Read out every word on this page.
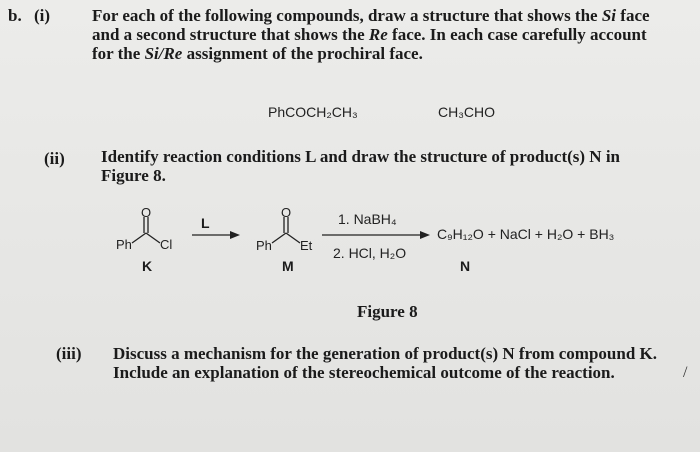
b. (i) For each of the following compounds, draw a structure that shows the Si face
and a second structure that shows the Re face. In each case carefully account
for the Si/Re assignment of the prochiral face.
PhCOCH₂CH₃	CH₃CHO
(ii) Identify reaction conditions L and draw the structure of product(s) N in
Figure 8.
O
Ph Cl
K
L
O
Ph Et
M
1. NaBH₄
2. HCl, H₂O
C₉H₁₂O + NaCl + H₂O + BH₃
N
Figure 8
(iii) Discuss a mechanism for the generation of product(s) N from compound K.
Include an explanation of the stereochemical outcome of the reaction.	/
